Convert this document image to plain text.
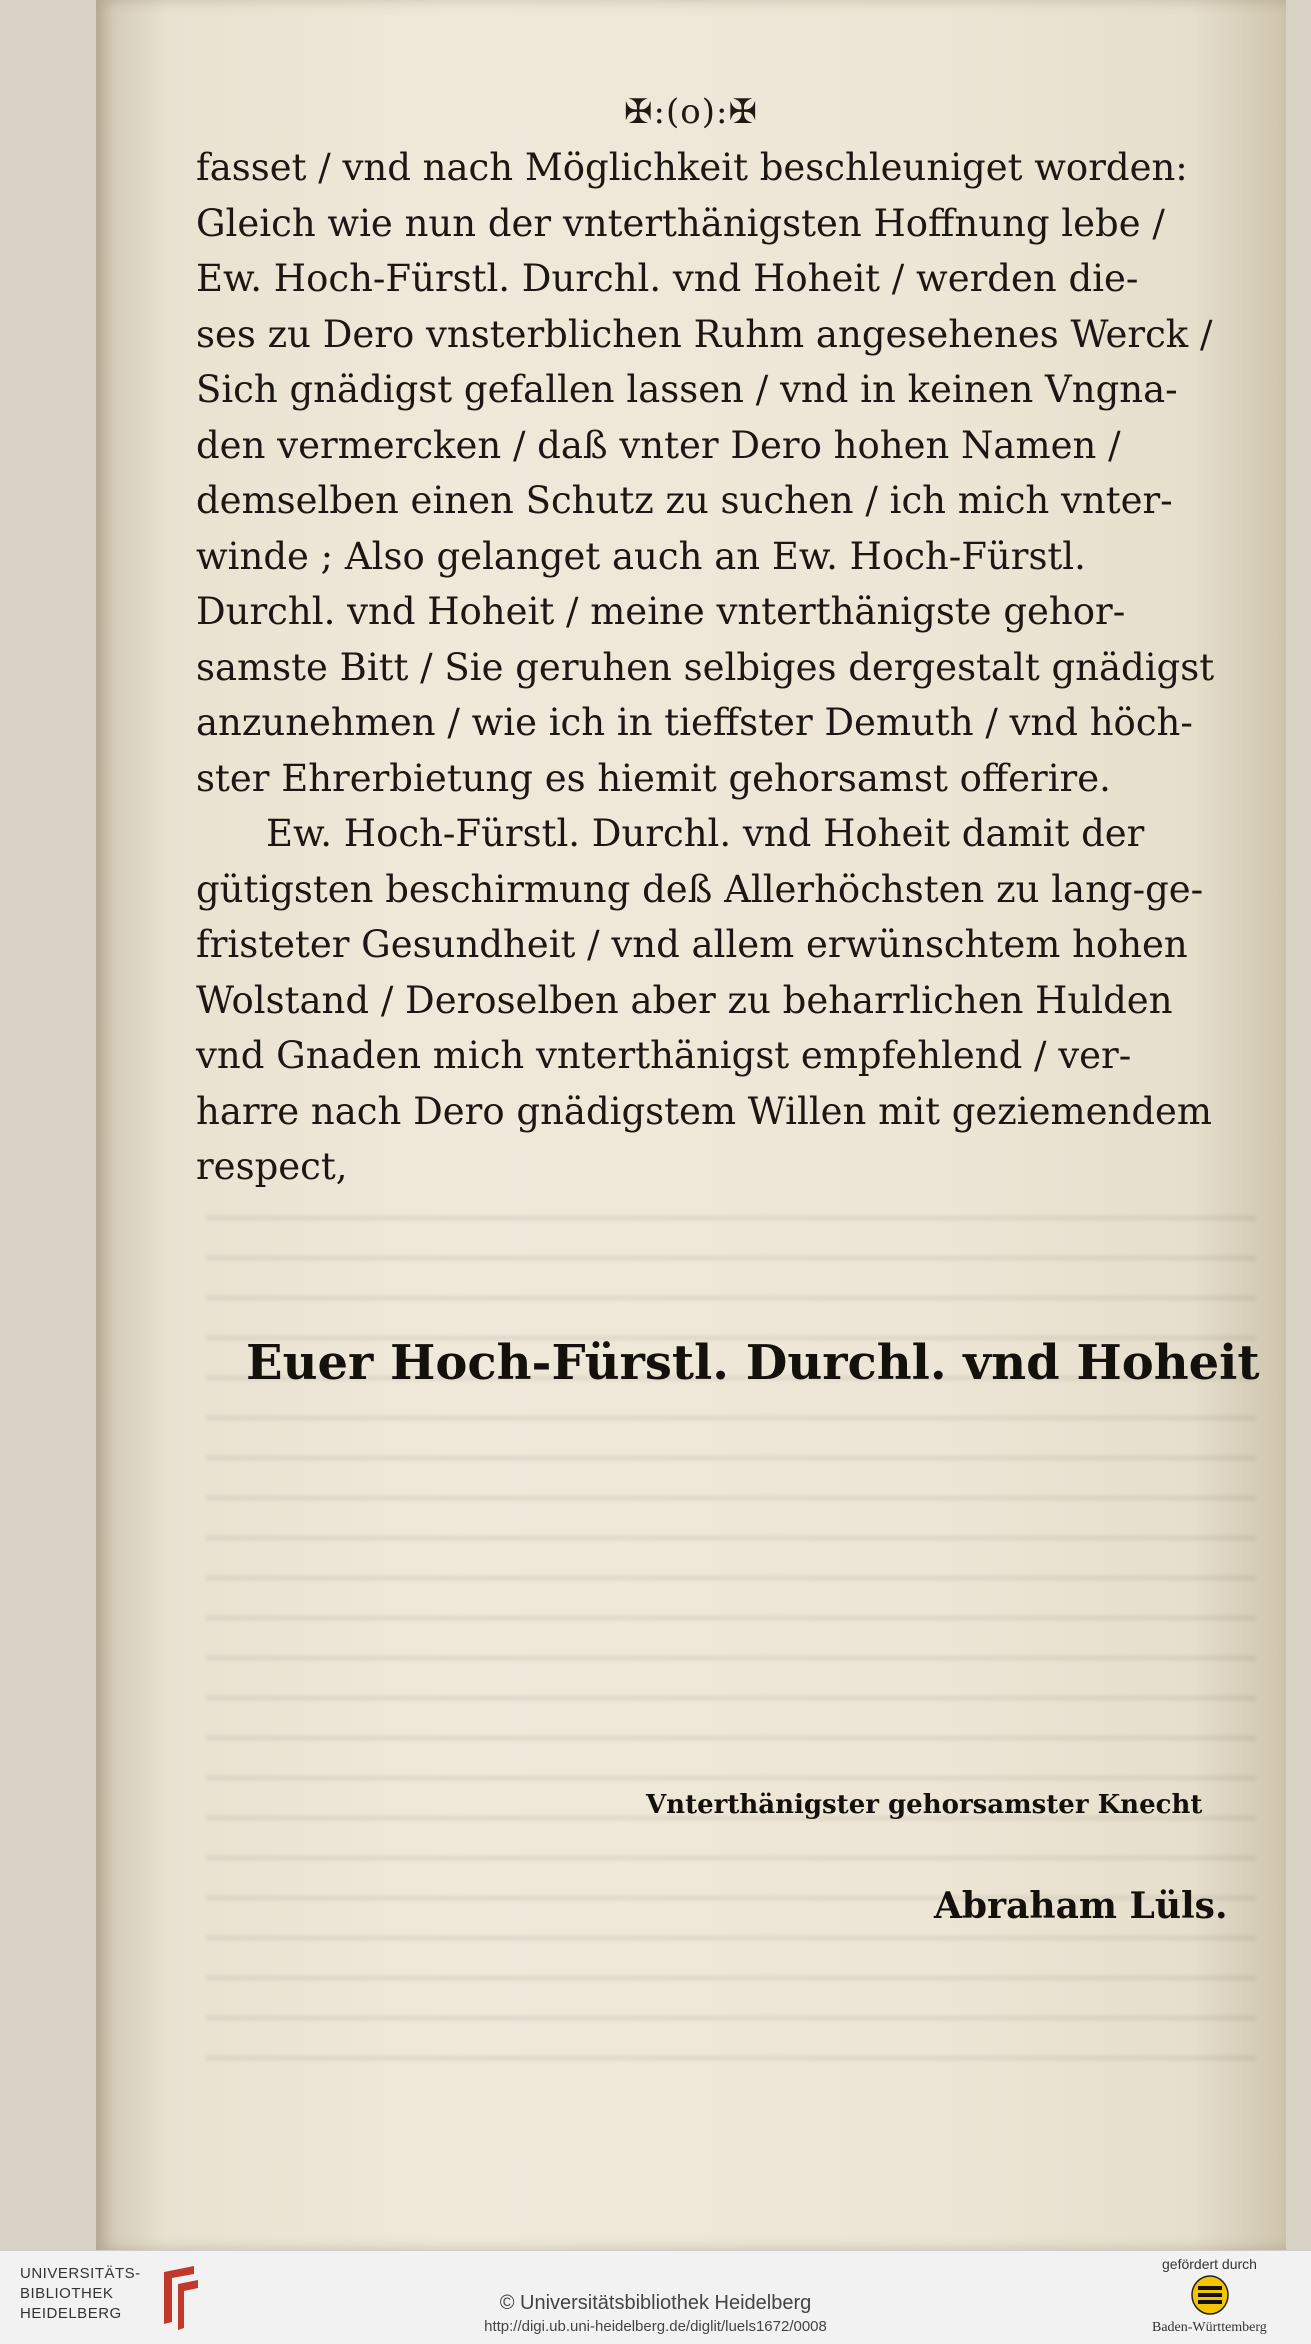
✠:(o):✠
fasset / vnd nach Möglichkeit beschleuniget worden:
Gleich wie nun der vnterthänigsten Hoffnung lebe /
Ew. Hoch-Fürstl. Durchl. vnd Hoheit / werden die-
ses zu Dero vnsterblichen Ruhm angesehenes Werck /
Sich gnädigst gefallen lassen / vnd in keinen Vngna-
den vermercken / daß vnter Dero hohen Namen /
demselben einen Schutz zu suchen / ich mich vnter-
winde ; Also gelanget auch an Ew. Hoch-Fürstl.
Durchl. vnd Hoheit / meine vnterthänigste gehor-
samste Bitt / Sie geruhen selbiges dergestalt gnädigst
anzunehmen / wie ich in tieffster Demuth / vnd höch-
ster Ehrerbietung es hiemit gehorsamst offerire.
Ew. Hoch-Fürstl. Durchl. vnd Hoheit damit der
gütigsten beschirmung deß Allerhöchsten zu lang-ge-
fristeter Gesundheit / vnd allem erwünschtem hohen
Wolstand / Deroselben aber zu beharrlichen Hulden
vnd Gnaden mich vnterthänigst empfehlend / ver-
harre nach Dero gnädigstem Willen mit geziemendem
respect,
Euer Hoch-Fürstl. Durchl. vnd Hoheit
Vnterthänigster gehorsamster Knecht
Abraham Lüls.
UNIVERSITÄTS-
BIBLIOTHEK
HEIDELBERG	© Universitätsbibliothek Heidelberg
http://digi.ub.uni-heidelberg.de/diglit/luels1672/0008
gefördert durch
Baden-Württemberg
